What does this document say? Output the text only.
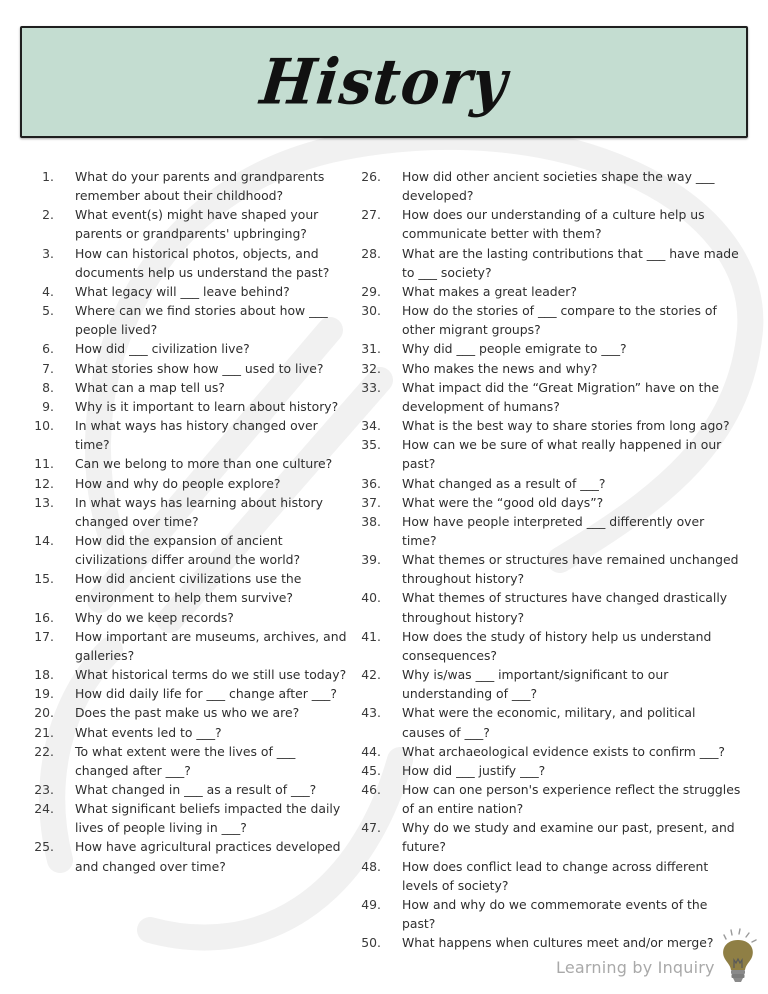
History
1. What do your parents and grandparents remember about their childhood?
2. What event(s) might have shaped your parents or grandparents' upbringing?
3. How can historical photos, objects, and documents help us understand the past?
4. What legacy will ___ leave behind?
5. Where can we find stories about how ___ people lived?
6. How did ___ civilization live?
7. What stories show how ___ used to live?
8. What can a map tell us?
9. Why is it important to learn about history?
10. In what ways has history changed over time?
11. Can we belong to more than one culture?
12. How and why do people explore?
13. In what ways has learning about history changed over time?
14. How did the expansion of ancient civilizations differ around the world?
15. How did ancient civilizations use the environment to help them survive?
16. Why do we keep records?
17. How important are museums, archives, and galleries?
18. What historical terms do we still use today?
19. How did daily life for ___ change after ___?
20. Does the past make us who we are?
21. What events led to ___?
22. To what extent were the lives of ___ changed after ___?
23. What changed in ___ as a result of ___?
24. What significant beliefs impacted the daily lives of people living in ___?
25. How have agricultural practices developed and changed over time?
26. How did other ancient societies shape the way ___ developed?
27. How does our understanding of a culture help us communicate better with them?
28. What are the lasting contributions that ___ have made to ___ society?
29. What makes a great leader?
30. How do the stories of ___ compare to the stories of other migrant groups?
31. Why did ___ people emigrate to ___?
32. Who makes the news and why?
33. What impact did the “Great Migration” have on the development of humans?
34. What is the best way to share stories from long ago?
35. How can we be sure of what really happened in our past?
36. What changed as a result of ___?
37. What were the “good old days”?
38. How have people interpreted ___ differently over time?
39. What themes or structures have remained unchanged throughout history?
40. What themes of structures have changed drastically throughout history?
41. How does the study of history help us understand consequences?
42. Why is/was ___ important/significant to our understanding of ___?
43. What were the economic, military, and political causes of ___?
44. What archaeological evidence exists to confirm ___?
45. How did ___ justify ___?
46. How can one person's experience reflect the struggles of an entire nation?
47. Why do we study and examine our past, present, and future?
48. How does conflict lead to change across different levels of society?
49. How and why do we commemorate events of the past?
50. What happens when cultures meet and/or merge?
Learning by Inquiry
